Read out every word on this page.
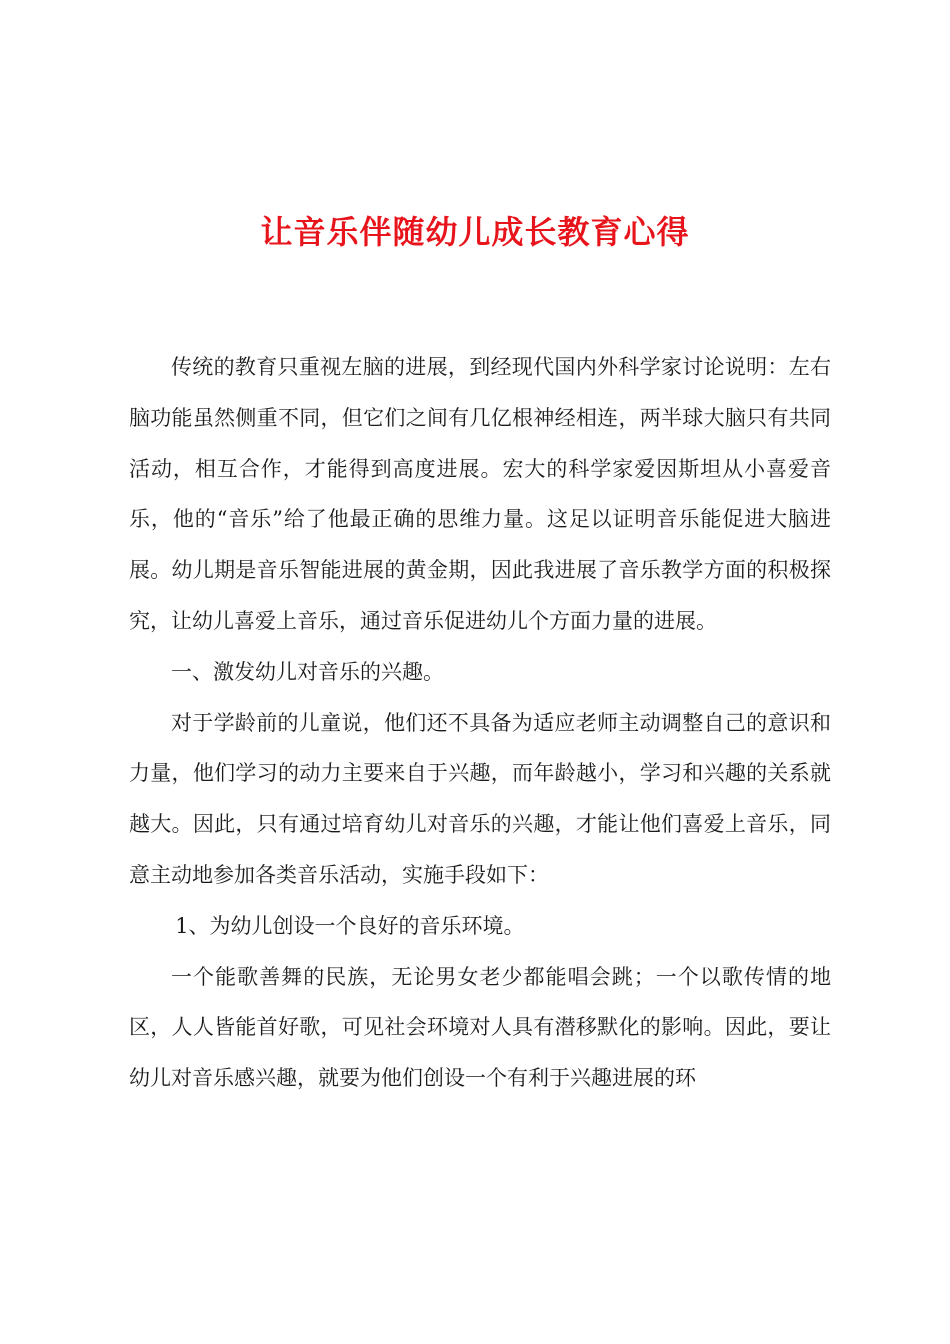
让音乐伴随幼儿成长教育心得

传统的教育只重视左脑的进展，到经现代国内外科学家讨论说明：左右脑功能虽然侧重不同，但它们之间有几亿根神经相连，两半球大脑只有共同活动，相互合作，才能得到高度进展。宏大的科学家爱因斯坦从小喜爱音乐，他的“音乐”给了他最正确的思维力量。这足以证明音乐能促进大脑进展。幼儿期是音乐智能进展的黄金期，因此我进展了音乐教学方面的积极探究，让幼儿喜爱上音乐，通过音乐促进幼儿个方面力量的进展。

一、激发幼儿对音乐的兴趣。

对于学龄前的儿童说，他们还不具备为适应老师主动调整自己的意识和力量，他们学习的动力主要来自于兴趣，而年龄越小，学习和兴趣的关系就越大。因此，只有通过培育幼儿对音乐的兴趣，才能让他们喜爱上音乐，同意主动地参加各类音乐活动，实施手段如下：

1、为幼儿创设一个良好的音乐环境。

一个能歌善舞的民族，无论男女老少都能唱会跳；一个以歌传情的地区，人人皆能首好歌，可见社会环境对人具有潜移默化的影响。因此，要让幼儿对音乐感兴趣，就要为他们创设一个有利于兴趣进展的环
